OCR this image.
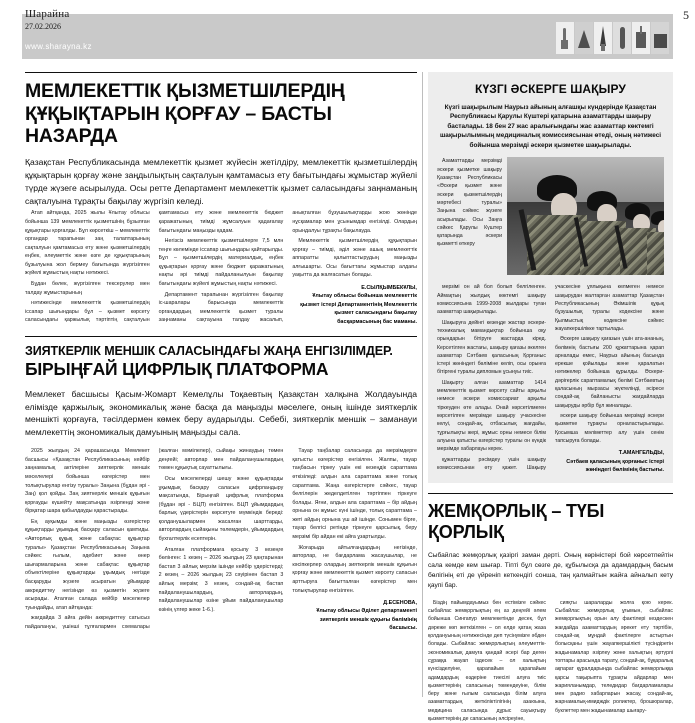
Шарайна
27.02.2026
www.sharayna.kz
5
МЕМЛЕКЕТТІК ҚЫЗМЕТШІЛЕРДІҢ ҚҰҚЫҚТАРЫН ҚОРҒАУ – БАСТЫ НАЗАРДА

Қазақстан Республикасында мемлекеттік қызмет жүйесін жетілдіру, мемлекеттік қызметшілердің құқықтарын қорғау және заңдылықтың сақталуын қамтамасыз ету бағытындағы жұмыстар жүйелі түрде жүзеге асырылуда. Осы ретте Департамент мемлекеттік қызмет саласындағы заңнаманың сақталуына тұрақты бақылау жүргізіп келеді.

Атап айтқанда, 2025 жылы Ұлытау облысы бойынша 139 мемлекеттік қызметшінің бұзылған құқықтары қорғалды. Бұл көрсеткіш – мемлекеттік органдар тарапынан заң талаптарының сақталуын қамтамасыз ету және қызметшілердің еңбек, әлеуметтік және өзге де құқықтарының бұзылуына жол бермеу бағытында жүргізілген жүйелі жұмыстың нақты нәтижесі.

Бұдан бөлек, жүргізілген тексерулер мен талдау жұмыстарының

нәтижесінде мемлекеттік қызметшілердің іссапар шығындары бұл – қызмет көрсету саласындағы қаржылық тәртіптің сақталуын қамтамасыз ету және мемлекеттік бюджет қаражатының тиімді жұмсалуын қадағалау бағытындағы маңызды қадам.

Негізсіз мемлекеттік қызметшілерге 7,5 млн теңге көлемінде іссапар шығындары қайтарылды. Бұл – қызметшілердің материалдық, еңбек құқықтарын қорғау және бюджет қаражатының нақты әрі тиімді пайдаланылуын бақылау бағытындағы жүйелі жұмыстың нақты нәтижесі.

Департамент тарапынан жүргізілген бақылау іс-шаралары барысында мемлекеттік органдардың мемлекеттік қызмет туралы заңнаманы сақтауына талдау жасалып, анықталған бұзушылықтарды жою жөнінде нұсқамалар мен ұсынымдар енгізілді. Олардың орындалуы тұрақты бақылауда.

Мемлекеттік қызметшілердің құқықтарын қорғау – тиімді, әділ және ашық мемлекеттік аппаратты қалыптастырудың маңызды алғышарты. Осы бағыттағы жұмыстар алдағы уақытта да жалғасатын болады.

Е.СЫЛҚЫМБЕКҰЛЫ,
Ұлытау облысы бойынша мемлекеттік қызмет істері Департаментінің Мемлекеттік қызмет саласындағы бақылау басқармасының бас маманы.
ЗИЯТКЕРЛІК МЕНШІК САЛАСЫНДАҒЫ ЖАҢА ЕНГІЗІЛІМДЕР.
БІРЫҢҒАЙ ЦИФРЛЫҚ ПЛАТФОРМА

Мемлекет басшысы Қасым-Жомарт Кемелұлы Тоқаевтың Қазақстан халқына Жолдауында елімізде қаржылық, экономикалық және басқа да маңызды мәселеге, оның ішінде зияткерлік меншікті қорғауға, тәсілдермен көмек беру аударылды. Себебі, зияткерлік меншік – заманауи мемлекеттің экономикалық дамуының маңызды сала.

2025 жылдың 24 қарашасында Мемлекет басшысы «Қазақстан Республикасының кейбір заңнамалық актілеріне зияткерлік меншік мәселелері бойынша өзгерістер мен толықтырулар енгізу туралы» Заңына (бұдан әрі - Заң) қол қойды. Заң зияткерлік меншік құқығын қорғауды күшейту мақсатында әзірленді және бірқатар шара қабылдауды қарастырады.

Ең ауқымды және маңызды өзгерістер құқықтарды ұқымдық басқару саласын қамтиды. «Авторлық құқық және сабақтас құқықтар туралы» Қазақстан Республикасының Заңына сәйкес ғылым, әдебиет және өнер шығармаларына және сабақтас құқықтар объектілеріне құқықтарды ұқымдық негізде басқаруды жүзеге асыратын ұйымдар аккредиттеу негізінде өз қызметін жүзеге асырады. Аталған салада кейбір мәселелер туындайды, атап айтқанда:

жағдайда 3 айға дейін аккредиттеу сатысыз пайдалануы, үшінші тұлғалармен схемалары (жалған мәмілелер), сыйақы жинаудың төмен деңгейі; авторлар мен пайдаланушылардың төмен құқықтық сауаттылығы.

Осы мәселелерді шешу және құқықтарды ұқымдық басқару саласын цифрландыру мақсатында, Бірыңғай цифрлық платформа (бұдан әрі - БЦП) енгізілген. БЦП ұйымдардың барлық үдерістерін көрсетуге мүмкіндік береді: қолданушылармен жасалған шарттарды, авторлардың сыйақыны төлемдерін, ұйымдардың бухгалтерлік есептерін.

Аталған платформаға қосылу 3 кезеңге бөлінген: 1 кезең – 2026 жылдың 23 қаңтарынан бастап 3 айлық мерзім ішінде кейбір үдерістерді; 2 кезең – 2026 жылдың 23 сәуірінен бастап 3 айлық мерзім; 3 кезең, сондай-ақ бастап пайдаланушылардың, авторлардың, пайдаланушылар өзіне ұйым пайдаланушылар өзінің үлгер жеке 1-6.).

Тауар таңбалар саласында да мерзімдерге қатысты өзгерістер енгізілген. Жалпы, тауар таңбасын тіркеу үшін екі кезеңдік сараптама өткізіледі: алдын ала сараптама және толық сараптама. Жаңа өзгерістерге сәйкес, тауар белгілерін жеделдетілген тәртіппен тіркеуге болады. Яғни, алдын ала сараптама – бір айдың орнына он жұмыс күні ішінде, толық сараптама – жеті айдың орнына үш ай ішінде. Сонымен бірге, тауар белгісі ретінде тіркеуге қарсылық, беру мерзімі бір айдан екі айға ұзартылды.

Жоғарыда айтылғандардың негізінде, авторлар, не бағдарлама жасаушылар, не кәсіпкерлер олардың зияткерлік меншік құқығын қорғау және мемлекеттік қызмет көрсету сапасын арттыруға бағытталған өзгерістер мен толықтырулар енгізілген.

Д.ЕСЕНОВА,
Ұлытау облысы Әділет департаменті зияткерлік меншік құқығы бөлімінің басшысы.
КҮЗГІ ӘСКЕРГЕ ШАҚЫРУ

Күзгі шақырылым Наурыз айының алғашқы күндерінде Қазақстан Республикасы Қарулы Күштері қатарына азаматтарды шақыру басталады. 18 бен 27 жас аралығындағы жас азаматтар көктемгі шақырылымның медициналық комиссиясынан өтеді, оның нәтижесі бойынша мерзімді әскери қызметке шақырылады.

Азаматтарды мерзімді әскери қызметке шақыру Қазақстан Республикасы «Әскери қызмет және әскери қызметшілердің мәртебесі туралы» Заңына сәйкес жүзеге асырылады. Осы Заңға сәйкес Қарулы Күштер қатарында әскери қызметті өткеру

мерзімі он ай бол болып белгіленген. Аймақтың жылдық көктемгі шақыру комиссиясына 1999-2008 жылдары туған азаматтар шақырылады.

Шақыруға дейінгі кезеңде жастар әскери-техникалық мамандықтар бойынша оқу орындарын бітіруге жастарда кіред. Керсетілген жастағы, шақыру қағазы әкелген азаматтар Сәтбаев қаласының Қорғаныс істері жөніндегі бөліміне келіп, осы орынға бітіргені туралы дипломын ұсынуы тиіс.

Шақырту алған азаматтар 1414 мемлекеттік қызмет көрсету сайты арқылы немесе әскери комиссариат арқылы тіркеуден өте алады. Онай көрсетілмеген көрсетілген мерзімде шақыру учаскесіне келуі, сондай-ақ, отбасылық жағдайы, тұрғылықты жері, жұмыс орны немесе білім алуына қатысты өзгерістер туралы он күндік мерзімде хабарлауы керек.

құжаттарды рәсімдеу үшін шақыру комиссиясынан өту қажет. Шақыру учаскесіне ұялықына келмеген немесе шақырудан жалтарған азаматтар Қазақстан Республикасының Әкімшілік құқық бұзушылық туралы кодексіне және Қылмыстық кодексіне сәйкес жауапкершілікке тартылады.

Әскерге шақыру қағазын үшін ата-ананың, бөлімнің бастығы 200 құжаттарына қарап арналады емес, Наурыз айының басында ерекше қойылады және қаралатын нәтижелер бойынша құрылды. Әскери-дәрігерлік сараптамалық бөлімі Сәтбаевтың қаласының мырзасы жүктелінді, әсіресе сондай-ақ байланысты жағдайларда шақыруды әрбір бұл жиналады.

әскери шақыру бойынша мерзімді әскери қызметке тұрақты орналастырылады. Қосымша мәліметтер алу үшін сенім тапсыруға болады.

Т.АМАНГЕЛЬДЫ,
Сәтбаев қаласының қорғаныс істері жөніндегі бөлімінің бастығы.
ЖЕМҚОРЛЫҚ – ТҮБІ ҚОРЛЫҚ

Сыбайлас жемқорлық қазіргі заман дерті. Оның көріністері бой көрсетпейтін сала кемде кем шығар. Тіпті бұл сөзге де, құбылысқа да адамдардың басым бөлігінің еті де үйреніп кеткендігі сонша, таң қалмайтын жайға айналып кету қаупі бар.

Біздің пайымдауымыз бен естімізге сәйкес сыбайлас жемқорлықтың ең аз деңгейі әлем бойынша Сингапур мемлекетінде десек, бұл дәреже көп жеткізілген – ол елде қатаң жаза қолдануының нәтижесінде деп түсінумізге әбден болады. Сыбайлас жемқорлықтың әлеуметтік-экономикалық дамуға қандай әсері бар деген сұраққа жауап іздесек – ол халықтың күнсізделуіне, қарапайым қарапайым адамдардың өздеріне тиесілі алуға тиіс қызметтерінің сапасының төмендеуіне, білім беру және ғылым саласында білім алуға азаматтардың жеткіліктілігінің азаюына, медицина саласында дұрыс сауықтыру қызметтерінің де сапасының әлсіреуіне,

сияқты шараларды жолға қою керек. Сыбайлас жемқорлық ұғымын, сыбайлас жемқорлықтың орын алу фактілері кездескен жағдайда азаматтардың әрекет ету тәртібін, сондай-ақ мұндай фактілерге астыртын болысқаны үшін жауапкершілікті түсіндіретін жадынамалар әзірлеу және халықтың әртүрлі топтары арасында тарату, сондай-ақ, бұқаралық ақпарат құралдарында сыбайлас жемқорлыққа қарсы тақырыпта тұрақты айдарлар мен жарияланымдар, теледидар бағдарламалары мен радио хабарларын жасау, сондай-ақ, жарнамалық-имидждік роликтер, брошюралар, буклеттер мен жадынамалар шығару-
